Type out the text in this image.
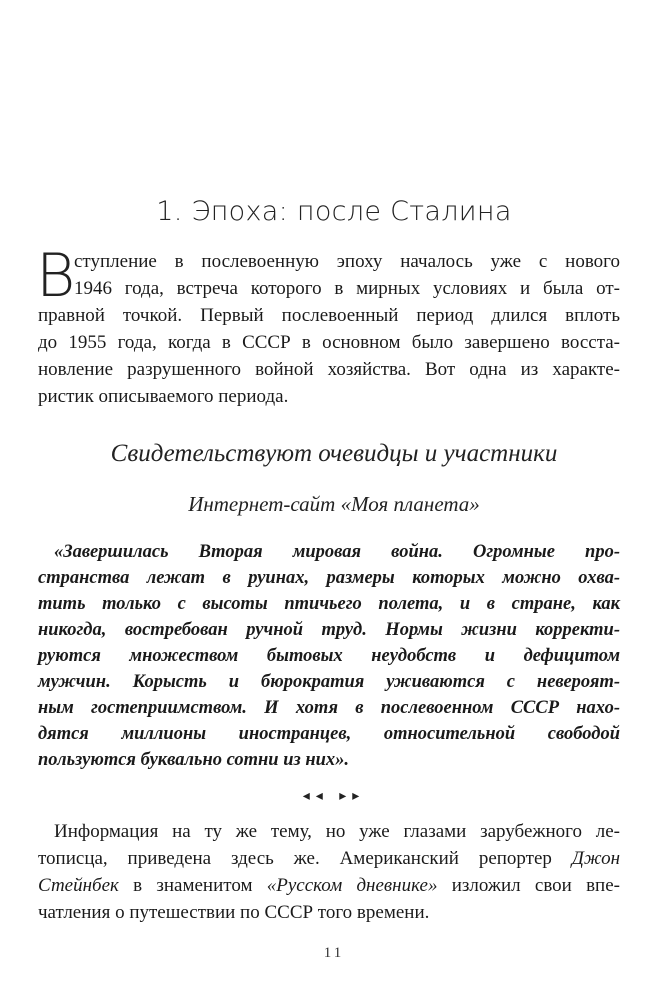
1. Эпоха: после Сталина
В
ступление в послевоенную эпоху началось уже с нового
1946 года, встреча которого в мирных условиях и была от-
правной точкой. Первый послевоенный период длился вплоть
до 1955 года, когда в СССР в основном было завершено восста-
новление разрушенного войной хозяйства. Вот одна из характе-
ристик описываемого периода.
Свидетельствуют очевидцы и участники
Интернет-сайт «Моя планета»
«Завершилась Вторая мировая война. Огромные про-
странства лежат в руинах, размеры которых можно охва-
тить только с высоты птичьего полета, и в стране, как
никогда, востребован ручной труд. Нормы жизни корректи-
руются множеством бытовых неудобств и дефицитом
мужчин. Корысть и бюрократия уживаются с невероят-
ным гостеприимством. И хотя в послевоенном СССР нахо-
дятся миллионы иностранцев, относительной свободой
пользуются буквально сотни из них».
◂◂ ▸▸
Информация на ту же тему, но уже глазами зарубежного ле-
тописца, приведена здесь же. Американский репортер Джон
Стейнбек в знаменитом «Русском дневнике» изложил свои впе-
чатления о путешествии по СССР того времени.
11
